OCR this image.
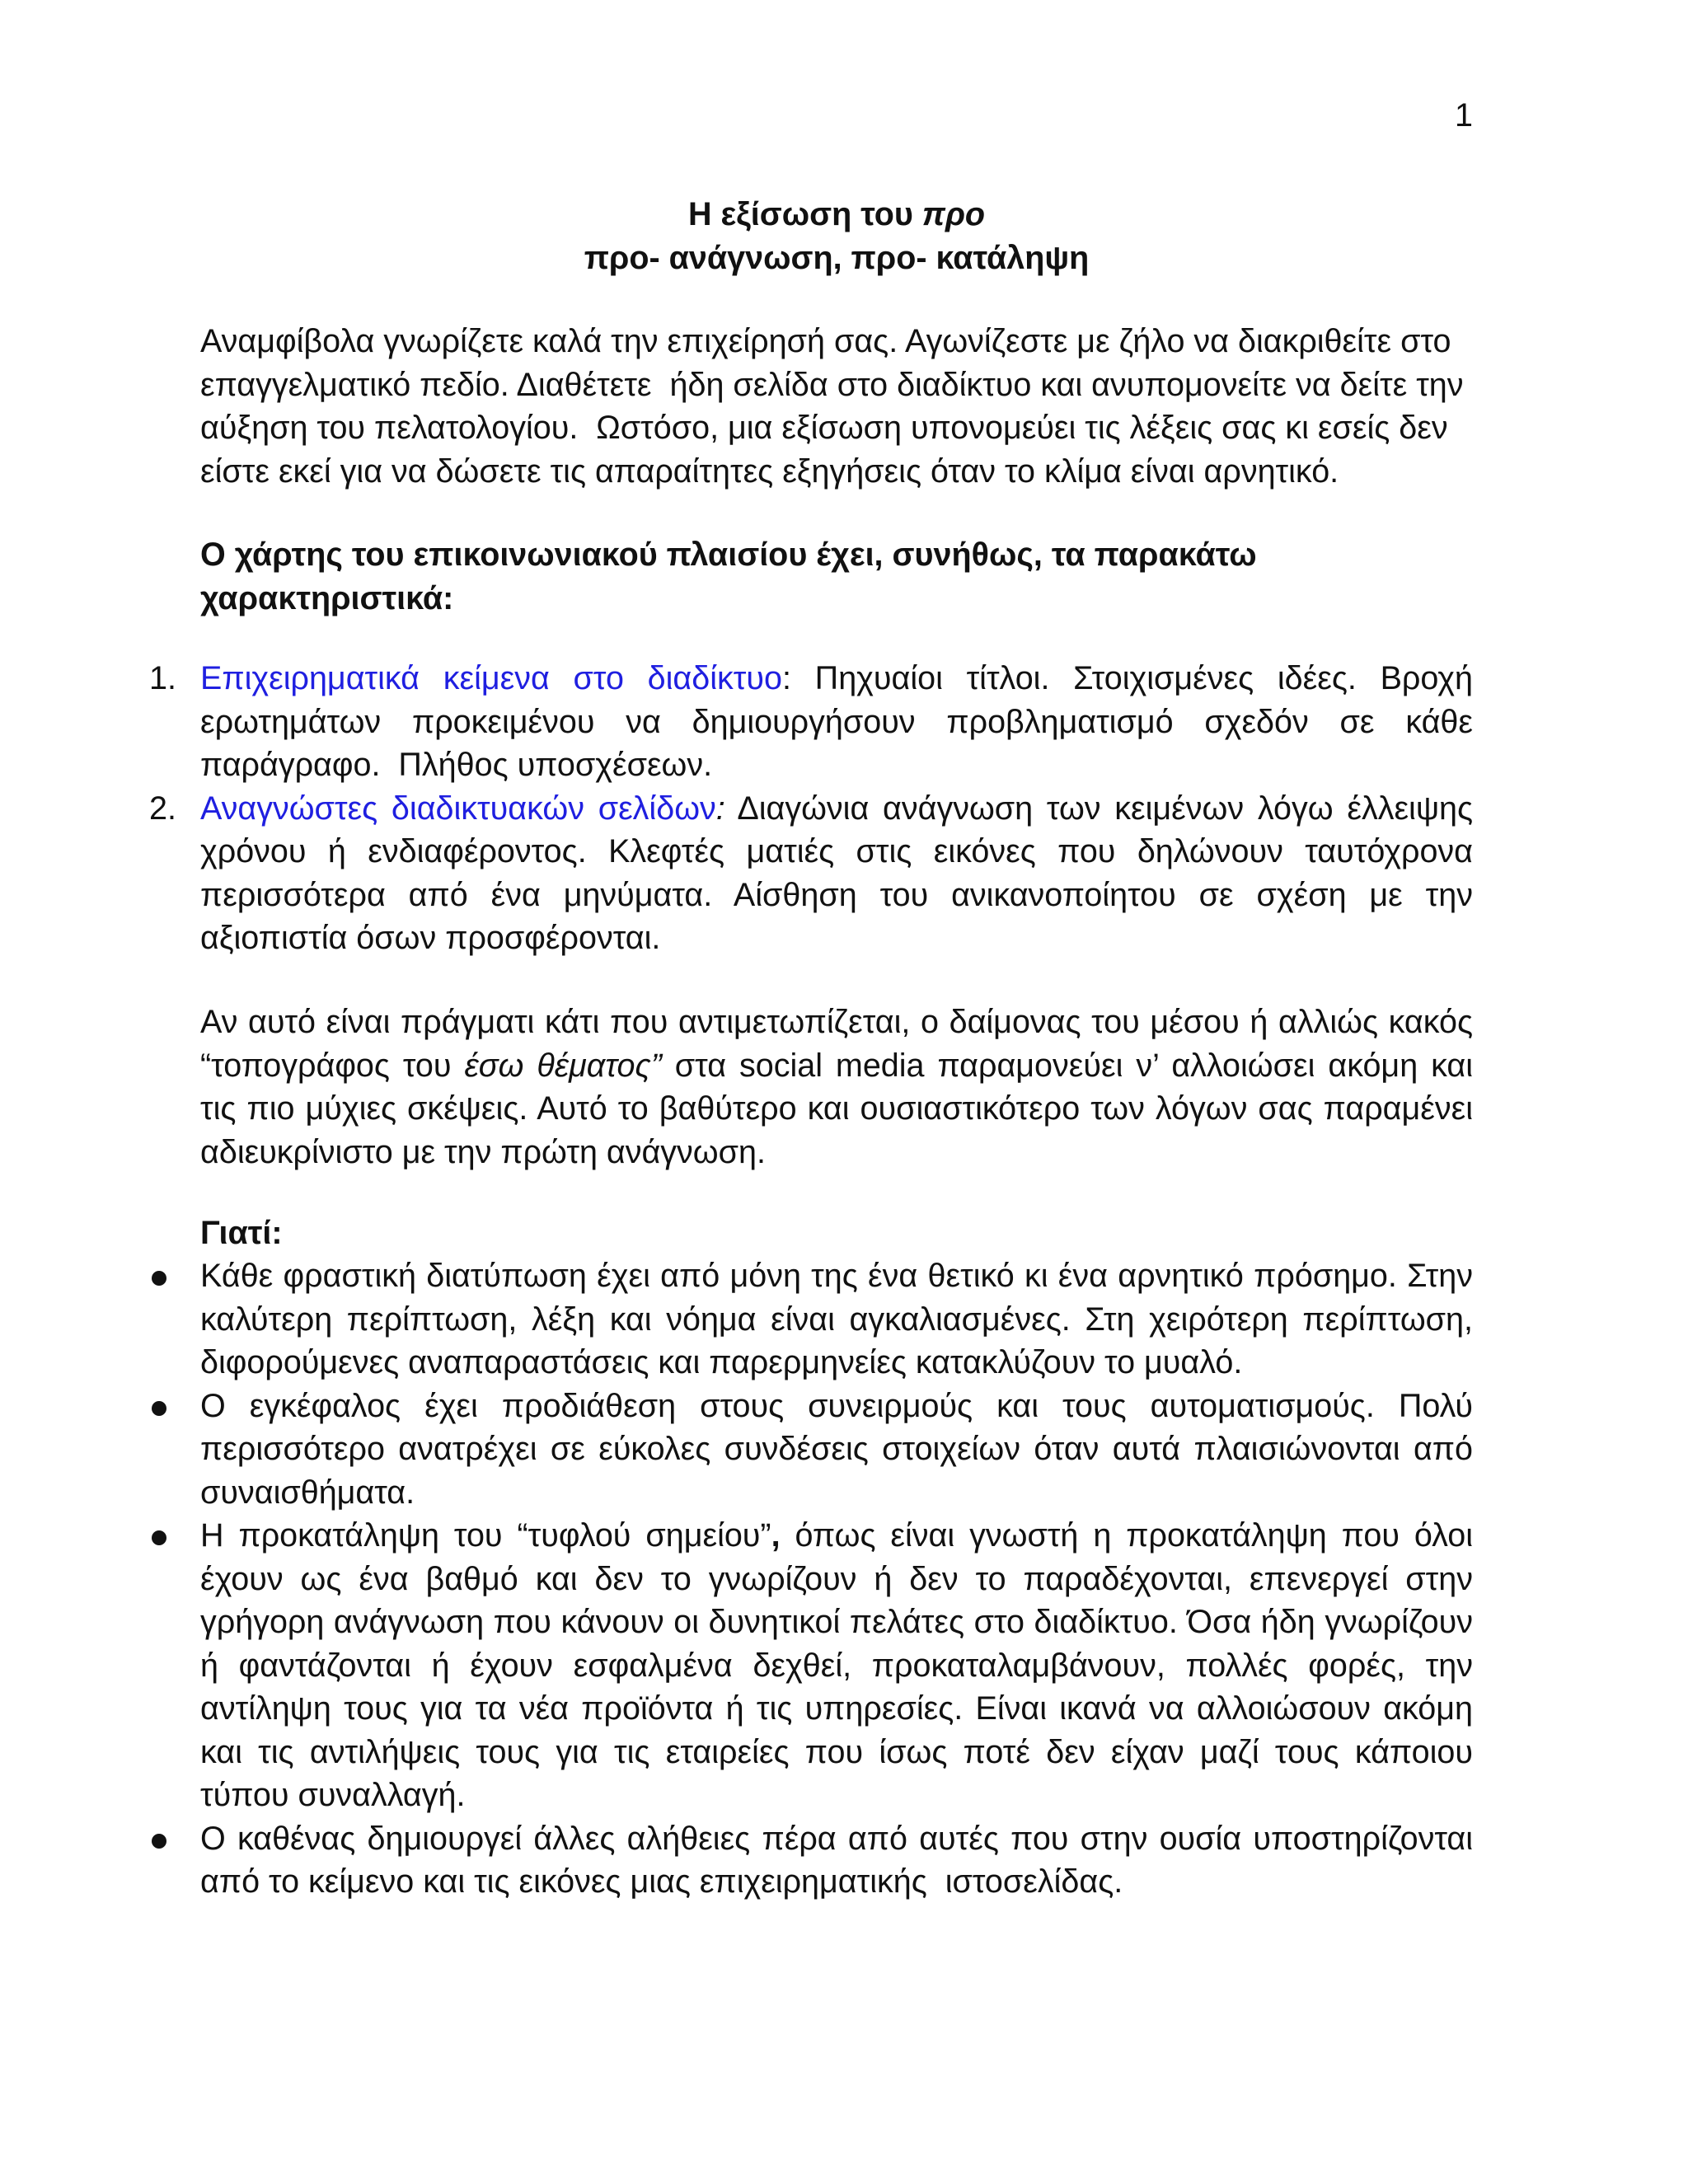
1
Η εξίσωση του προ
προ- ανάγνωση, προ- κατάληψη
Αναμφίβολα γνωρίζετε καλά την επιχείρησή σας. Αγωνίζεστε με ζήλο να διακριθείτε στο
επαγγελματικό πεδίο. Διαθέτετε  ήδη σελίδα στο διαδίκτυο και ανυπομονείτε να δείτε την
αύξηση του πελατολογίου.  Ωστόσο, μια εξίσωση υπονομεύει τις λέξεις σας κι εσείς δεν
είστε εκεί για να δώσετε τις απαραίτητες εξηγήσεις όταν το κλίμα είναι αρνητικό.
Ο χάρτης του επικοινωνιακού πλαισίου έχει, συνήθως, τα παρακάτω
χαρακτηριστικά:
1. Επιχειρηματικά κείμενα στο διαδίκτυο: Πηχυαίοι τίτλοι. Στοιχισμένες ιδέες. Βροχή
ερωτημάτων προκειμένου να δημιουργήσουν προβληματισμό σχεδόν σε κάθε
παράγραφο.  Πλήθος υποσχέσεων.
2. Αναγνώστες διαδικτυακών σελίδων: Διαγώνια ανάγνωση των κειμένων λόγω έλλειψης
χρόνου ή ενδιαφέροντος. Κλεφτές ματιές στις εικόνες που δηλώνουν ταυτόχρονα
περισσότερα από ένα μηνύματα. Αίσθηση του ανικανοποίητου σε σχέση με την
αξιοπιστία όσων προσφέρονται.
Αν αυτό είναι πράγματι κάτι που αντιμετωπίζεται, ο δαίμονας του μέσου ή αλλιώς κακός
“τοπογράφος του έσω θέματος” στα social media παραμονεύει ν’ αλλοιώσει ακόμη και
τις πιο μύχιες σκέψεις. Αυτό το βαθύτερο και ουσιαστικότερο των λόγων σας παραμένει
αδιευκρίνιστο με την πρώτη ανάγνωση.
Γιατί:
Κάθε φραστική διατύπωση έχει από μόνη της ένα θετικό κι ένα αρνητικό πρόσημο. Στην
καλύτερη περίπτωση, λέξη και νόημα είναι αγκαλιασμένες. Στη χειρότερη περίπτωση,
διφορούμενες αναπαραστάσεις και παρερμηνείες κατακλύζουν το μυαλό.
Ο εγκέφαλος έχει προδιάθεση στους συνειρμούς και τους αυτοματισμούς. Πολύ
περισσότερο ανατρέχει σε εύκολες συνδέσεις στοιχείων όταν αυτά πλαισιώνονται από
συναισθήματα.
Η προκατάληψη του “τυφλού σημείου”, όπως είναι γνωστή η προκατάληψη που όλοι
έχουν ως ένα βαθμό και δεν το γνωρίζουν ή δεν το παραδέχονται, επενεργεί στην
γρήγορη ανάγνωση που κάνουν οι δυνητικοί πελάτες στο διαδίκτυο. Όσα ήδη γνωρίζουν
ή φαντάζονται ή έχουν εσφαλμένα δεχθεί, προκαταλαμβάνουν, πολλές φορές, την
αντίληψη τους για τα νέα προϊόντα ή τις υπηρεσίες. Είναι ικανά να αλλοιώσουν ακόμη
και τις αντιλήψεις τους για τις εταιρείες που ίσως ποτέ δεν είχαν μαζί τους κάποιου
τύπου συναλλαγή.
Ο καθένας δημιουργεί άλλες αλήθειες πέρα από αυτές που στην ουσία υποστηρίζονται
από το κείμενο και τις εικόνες μιας επιχειρηματικής  ιστοσελίδας.
